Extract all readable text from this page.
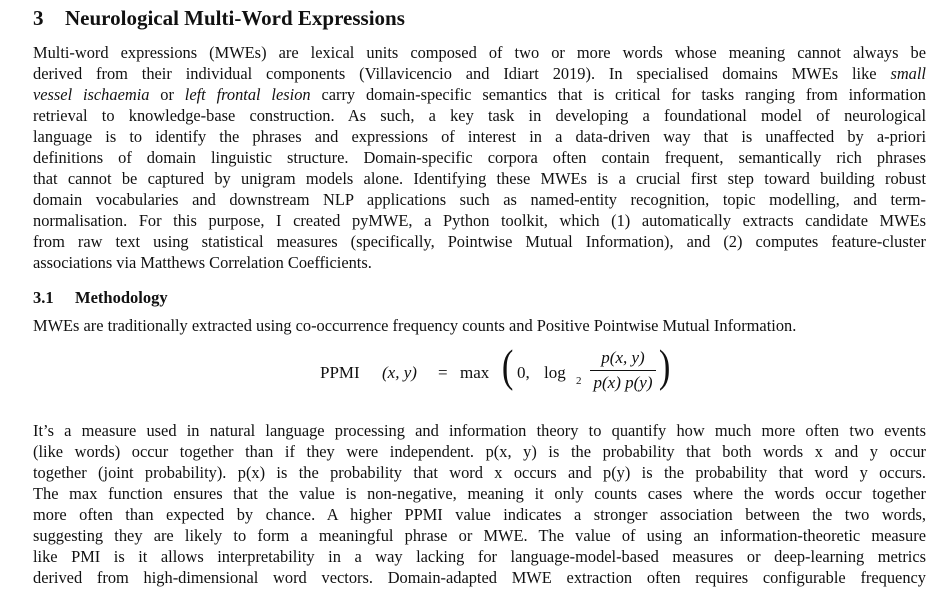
3 Neurological Multi-Word Expressions
Multi-word expressions (MWEs) are lexical units composed of two or more words whose meaning cannot always be
derived from their individual components (Villavicencio and Idiart 2019). In specialised domains MWEs like small
vessel ischaemia or left frontal lesion carry domain-specific semantics that is critical for tasks ranging from information
retrieval to knowledge-base construction. As such, a key task in developing a foundational model of neurological
language is to identify the phrases and expressions of interest in a data-driven way that is unaffected by a-priori
definitions of domain linguistic structure. Domain-specific corpora often contain frequent, semantically rich phrases
that cannot be captured by unigram models alone. Identifying these MWEs is a crucial first step toward building robust
domain vocabularies and downstream NLP applications such as named-entity recognition, topic modelling, and term-
normalisation. For this purpose, I created pyMWE, a Python toolkit, which (1) automatically extracts candidate MWEs
from raw text using statistical measures (specifically, Pointwise Mutual Information), and (2) computes feature-cluster
associations via Matthews Correlation Coefficients.
3.1 Methodology
MWEs are traditionally extracted using co-occurrence frequency counts and Positive Pointwise Mutual Information.
PPMI (x, y) = max ( 0, log 2
p(x, y)
p(x) p(y) )
It’s a measure used in natural language processing and information theory to quantify how much more often two events
(like words) occur together than if they were independent. p(x, y) is the probability that both words x and y occur
together (joint probability). p(x) is the probability that word x occurs and p(y) is the probability that word y occurs.
The max function ensures that the value is non-negative, meaning it only counts cases where the words occur together
more often than expected by chance. A higher PPMI value indicates a stronger association between the two words,
suggesting they are likely to form a meaningful phrase or MWE. The value of using an information-theoretic measure
like PMI is it allows interpretability in a way lacking for language-model-based measures or deep-learning metrics
derived from high-dimensional word vectors. Domain-adapted MWE extraction often requires configurable frequency
